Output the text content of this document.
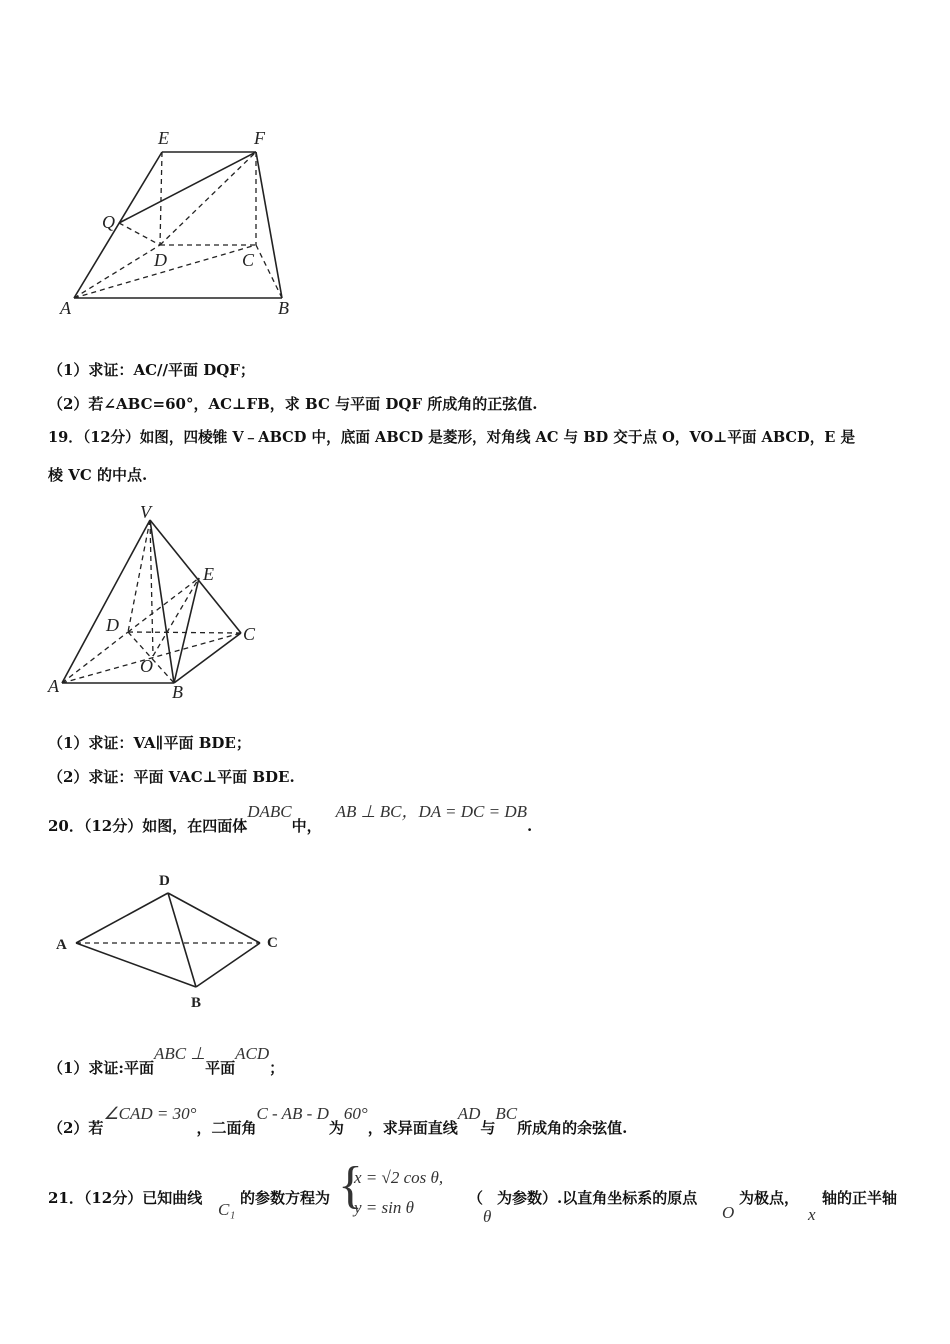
E	F
Q
D	C
A	B
（1）求证：AC//平面 DQF；
（2）若∠ABC=60°，AC⊥FB，求 BC 与平面 DQF 所成角的正弦值.
19．（12分）如图，四棱锥 V﹣ABCD 中，底面 ABCD 是菱形，对角线 AC 与 BD 交于点 O，VO⊥平面 ABCD，E 是
棱 VC 的中点.
V
E
D	C
O
A	B
（1）求证：VA∥平面 BDE；
（2）求证：平面 VAC⊥平面 BDE.
20．（12分）如图，在四面体DABC中，AB ⊥ BC，DA = DC = DB.
D
A	C
B
（1）求证:平面ABC ⊥平面ACD；
（2）若∠CAD = 30°，二面角C - AB - D为60°，求异面直线AD与BC所成角的余弦值.
21．（12分）已知曲线
C₁
的参数方程为 {
x = √2 cos θ,
y = sin θ	（
θ
为参数）.以直角坐标系的原点
O
为极点，
x
轴的正半轴
